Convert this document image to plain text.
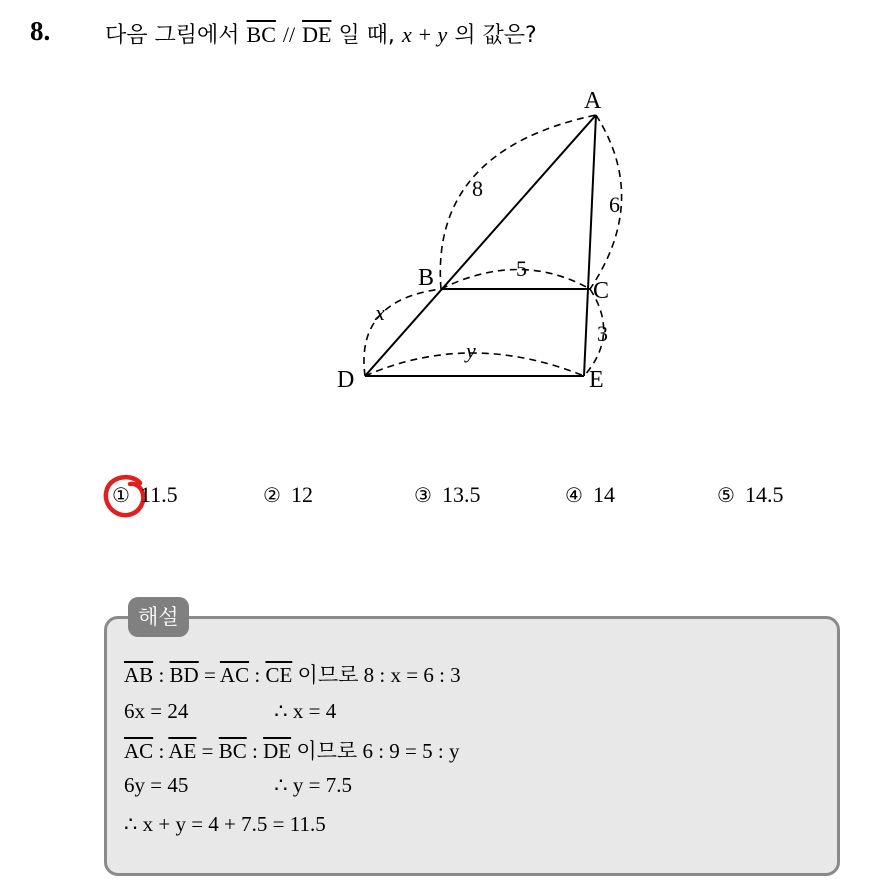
8. 다음 그림에서 $\overline{BC} // \overline{DE}$ 일 때, x + y 의 값은?
A
B	C
D	E
8
6
5
3
x
y
① 11.5	② 12	③ 13.5	④ 14	⑤ 14.5
해설
$\overline{AB}$ : $\overline{BD} = \overline{AC}$ : $\overline{CE}$ 이므로 8 : x = 6 : 3
6x = 24	∴ x = 4
$\overline{AC}$ : $\overline{AE} = \overline{BC}$ : $\overline{DE}$ 이므로 6 : 9 = 5 : y
6y = 45	∴ y = 7.5
∴ x + y = 4 + 7.5 = 11.5
